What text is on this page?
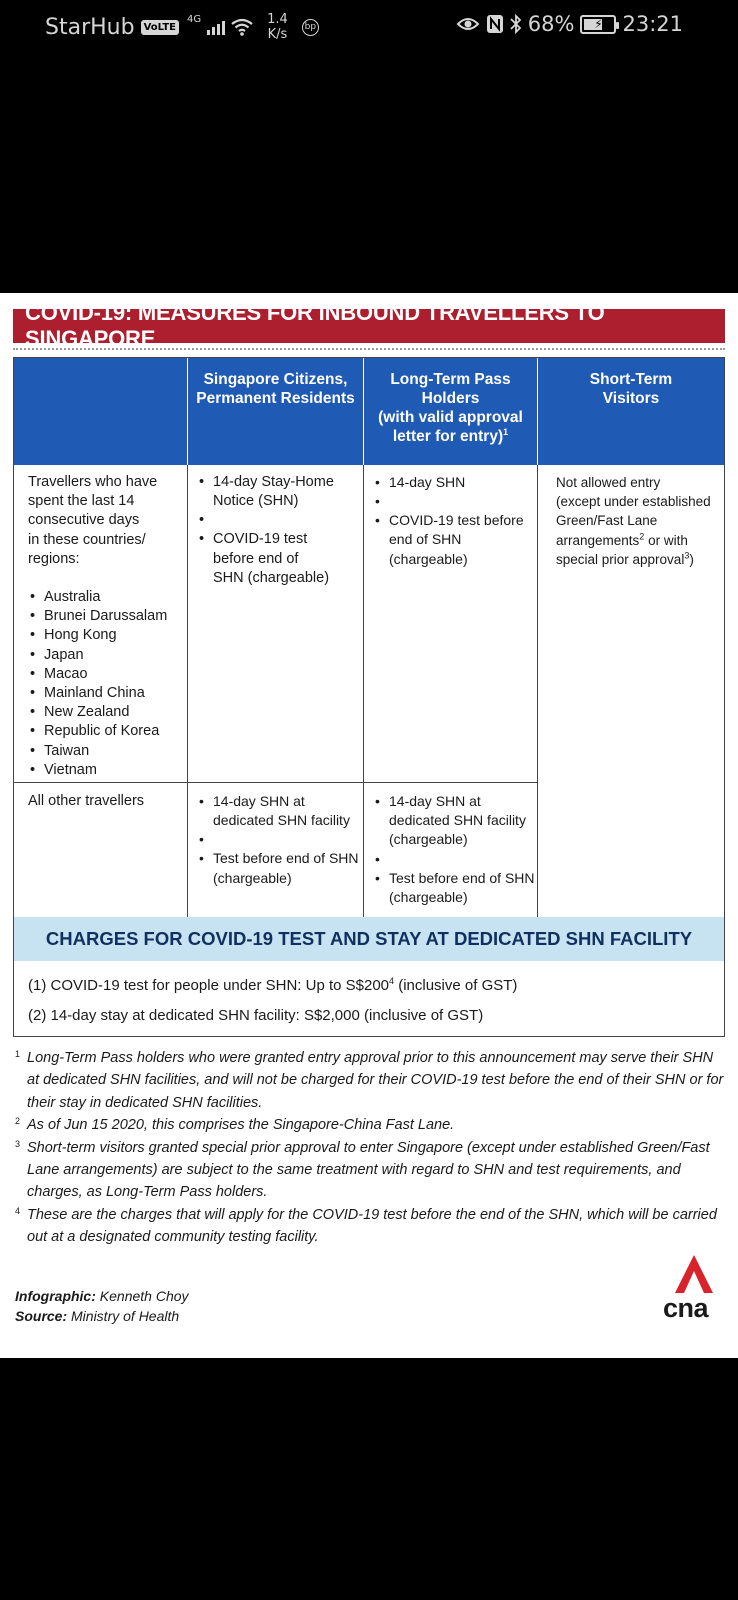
StarHub VoLTE
4G	1.4
K/s	bp	68% ⚡ 23:21
COVID-19: MEASURES FOR INBOUND TRAVELLERS TO SINGAPORE
Singapore Citizens,
Permanent Residents
Long-Term Pass
Holders
(with valid approval
letter for entry)$^1$
Short-Term
Visitors

Travellers who have

spent the last 14

consecutive days

in these countries/

regions:

• Australia
• Brunei Darussalam
• Hong Kong
• Japan
• Macao
• Mainland China
• New Zealand
• Republic of Korea
• Taiwan
• Vietnam
• 14-day Stay-Home
Notice (SHN)
•
• COVID-19 test
before end of
SHN (chargeable)
• 14-day SHN
•
• COVID-19 test before
end of SHN
(chargeable)

Not allowed entry

(except under established

Green/Fast Lane

arrangements$^2$ or with

special prior approval$^3$)

All other travellers
•	14-day SHN at
dedicated SHN facility
•
• Test before end of SHN
(chargeable)
• 14-day SHN at
dedicated SHN facility
(chargeable)
•
• Test before end of SHN
(chargeable)
CHARGES FOR COVID-19 TEST AND STAY AT DEDICATED SHN FACILITY

(1) COVID-19 test for people under SHN: Up to $S\$200^4$ (inclusive of GST)

(2) 14-day stay at dedicated SHN facility: S$2,000 (inclusive of GST)

1 Long-Term Pass holders who were granted entry approval prior to this announcement may serve their SHN at dedicated SHN facilities, and will not be charged for their COVID-19 test before the end of their SHN or for their stay in dedicated SHN facilities.
2 As of Jun 15 2020, this comprises the Singapore-China Fast Lane.
3 Short-term visitors granted special prior approval to enter Singapore (except under established Green/Fast Lane arrangements) are subject to the same treatment with regard to SHN and test requirements, and charges, as Long-Term Pass holders.
4 These are the charges that will apply for the COVID-19 test before the end of the SHN, which will be carried out at a designated community testing facility.

Infographic: Kenneth Choy

Source: Ministry of Health	cna
